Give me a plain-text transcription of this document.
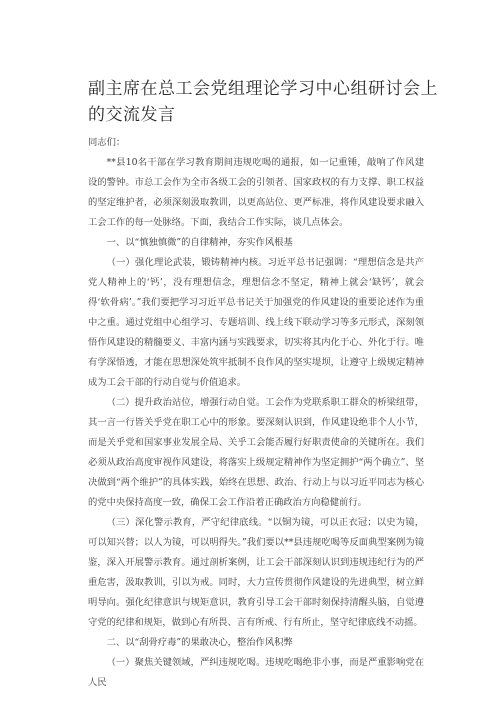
副主席在总工会党组理论学习中心组研讨会上的交流发言

同志们：

**县10名干部在学习教育期间违规吃喝的通报，如一记重锤，敲响了作风建设的警钟。市总工会作为全市各级工会的引领者、国家政权的有力支撑、职工权益的坚定维护者，必须深刻汲取教训，以更高站位、更严标准，将作风建设要求融入工会工作的每一处脉络。下面，我结合工作实际，谈几点体会。

一、以“慎独慎微”的自律精神，夯实作风根基

（一）强化理论武装，锻铸精神内核。习近平总书记强调：“理想信念是共产党人精神上的‘钙’，没有理想信念，理想信念不坚定，精神上就会‘缺钙’，就会得‘软骨病’。”我们要把学习习近平总书记关于加强党的作风建设的重要论述作为重中之重。通过党组中心组学习、专题培训、线上线下联动学习等多元形式，深刻领悟作风建设的精髓要义、丰富内涵与实践要求，切实将其内化于心、外化于行。唯有学深悟透，才能在思想深处筑牢抵制不良作风的坚实堤坝，让遵守上级规定精神成为工会干部的行动自觉与价值追求。

（二）提升政治站位，增强行动自觉。工会作为党联系职工群众的桥梁纽带，其一言一行皆关乎党在职工心中的形象。要深刻认识到，作风建设绝非个人小节，而是关乎党和国家事业发展全局、关乎工会能否履行好职责使命的关键所在。我们必须从政治高度审视作风建设，将落实上级规定精神作为坚定拥护“两个确立”、坚决做到“两个维护”的具体实践，始终在思想、政治、行动上与以习近平同志为核心的党中央保持高度一致，确保工会工作沿着正确政治方向稳健前行。

（三）深化警示教育，严守纪律底线。“以铜为镜，可以正衣冠；以史为镜，可以知兴替；以人为镜，可以明得失。”我们要以**县违规吃喝等反面典型案例为镜鉴，深入开展警示教育。通过剖析案例，让工会干部深刻认识到违规违纪行为的严重危害，汲取教训，引以为戒。同时，大力宣传贯彻作风建设的先进典型，树立鲜明导向。强化纪律意识与规矩意识，教育引导工会干部时刻保持清醒头脑，自觉遵守党的纪律和规矩，做到心有所畏、言有所戒、行有所止，坚守纪律底线不动摇。

二、以“刮骨疗毒”的果敢决心，整治作风积弊

（一）聚焦关键领域，严纠违规吃喝。违规吃喝绝非小事，而是严重影响党在人民
